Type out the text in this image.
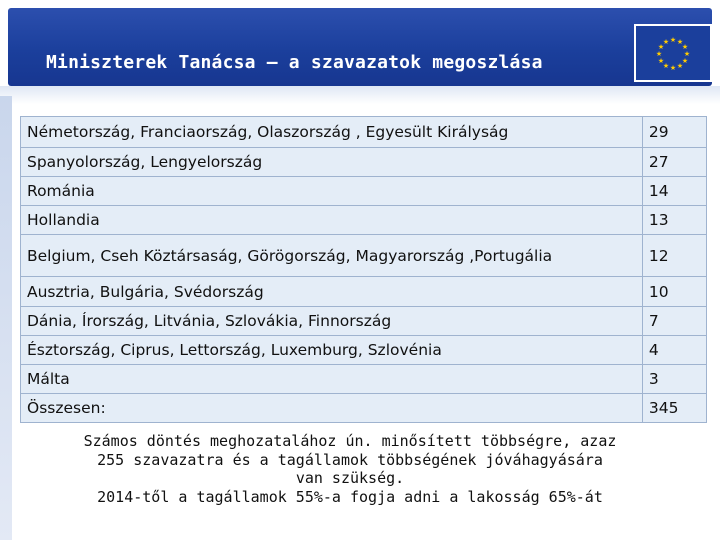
Miniszterek Tanácsa – a szavazatok megoszlása
★ ★
★
★
★
★
★
★
★
★
★
★
Németország, Franciaország, Olaszország , Egyesült Királyság	29
Spanyolország, Lengyelország	27
Románia	14
Hollandia	13
Belgium, Cseh Köztársaság, Görögország, Magyarország ,Portugália	12
Ausztria, Bulgária, Svédország	10
Dánia, Írország, Litvánia, Szlovákia, Finnország	7
Észtország, Ciprus, Lettország, Luxemburg, Szlovénia	4
Málta	3
Összesen:	345
Számos döntés meghozatalához ún. minősített többségre, azaz
255 szavazatra és a tagállamok többségének jóváhagyására
van szükség.
2014-től a tagállamok 55%-a fogja adni a lakosság 65%-át
